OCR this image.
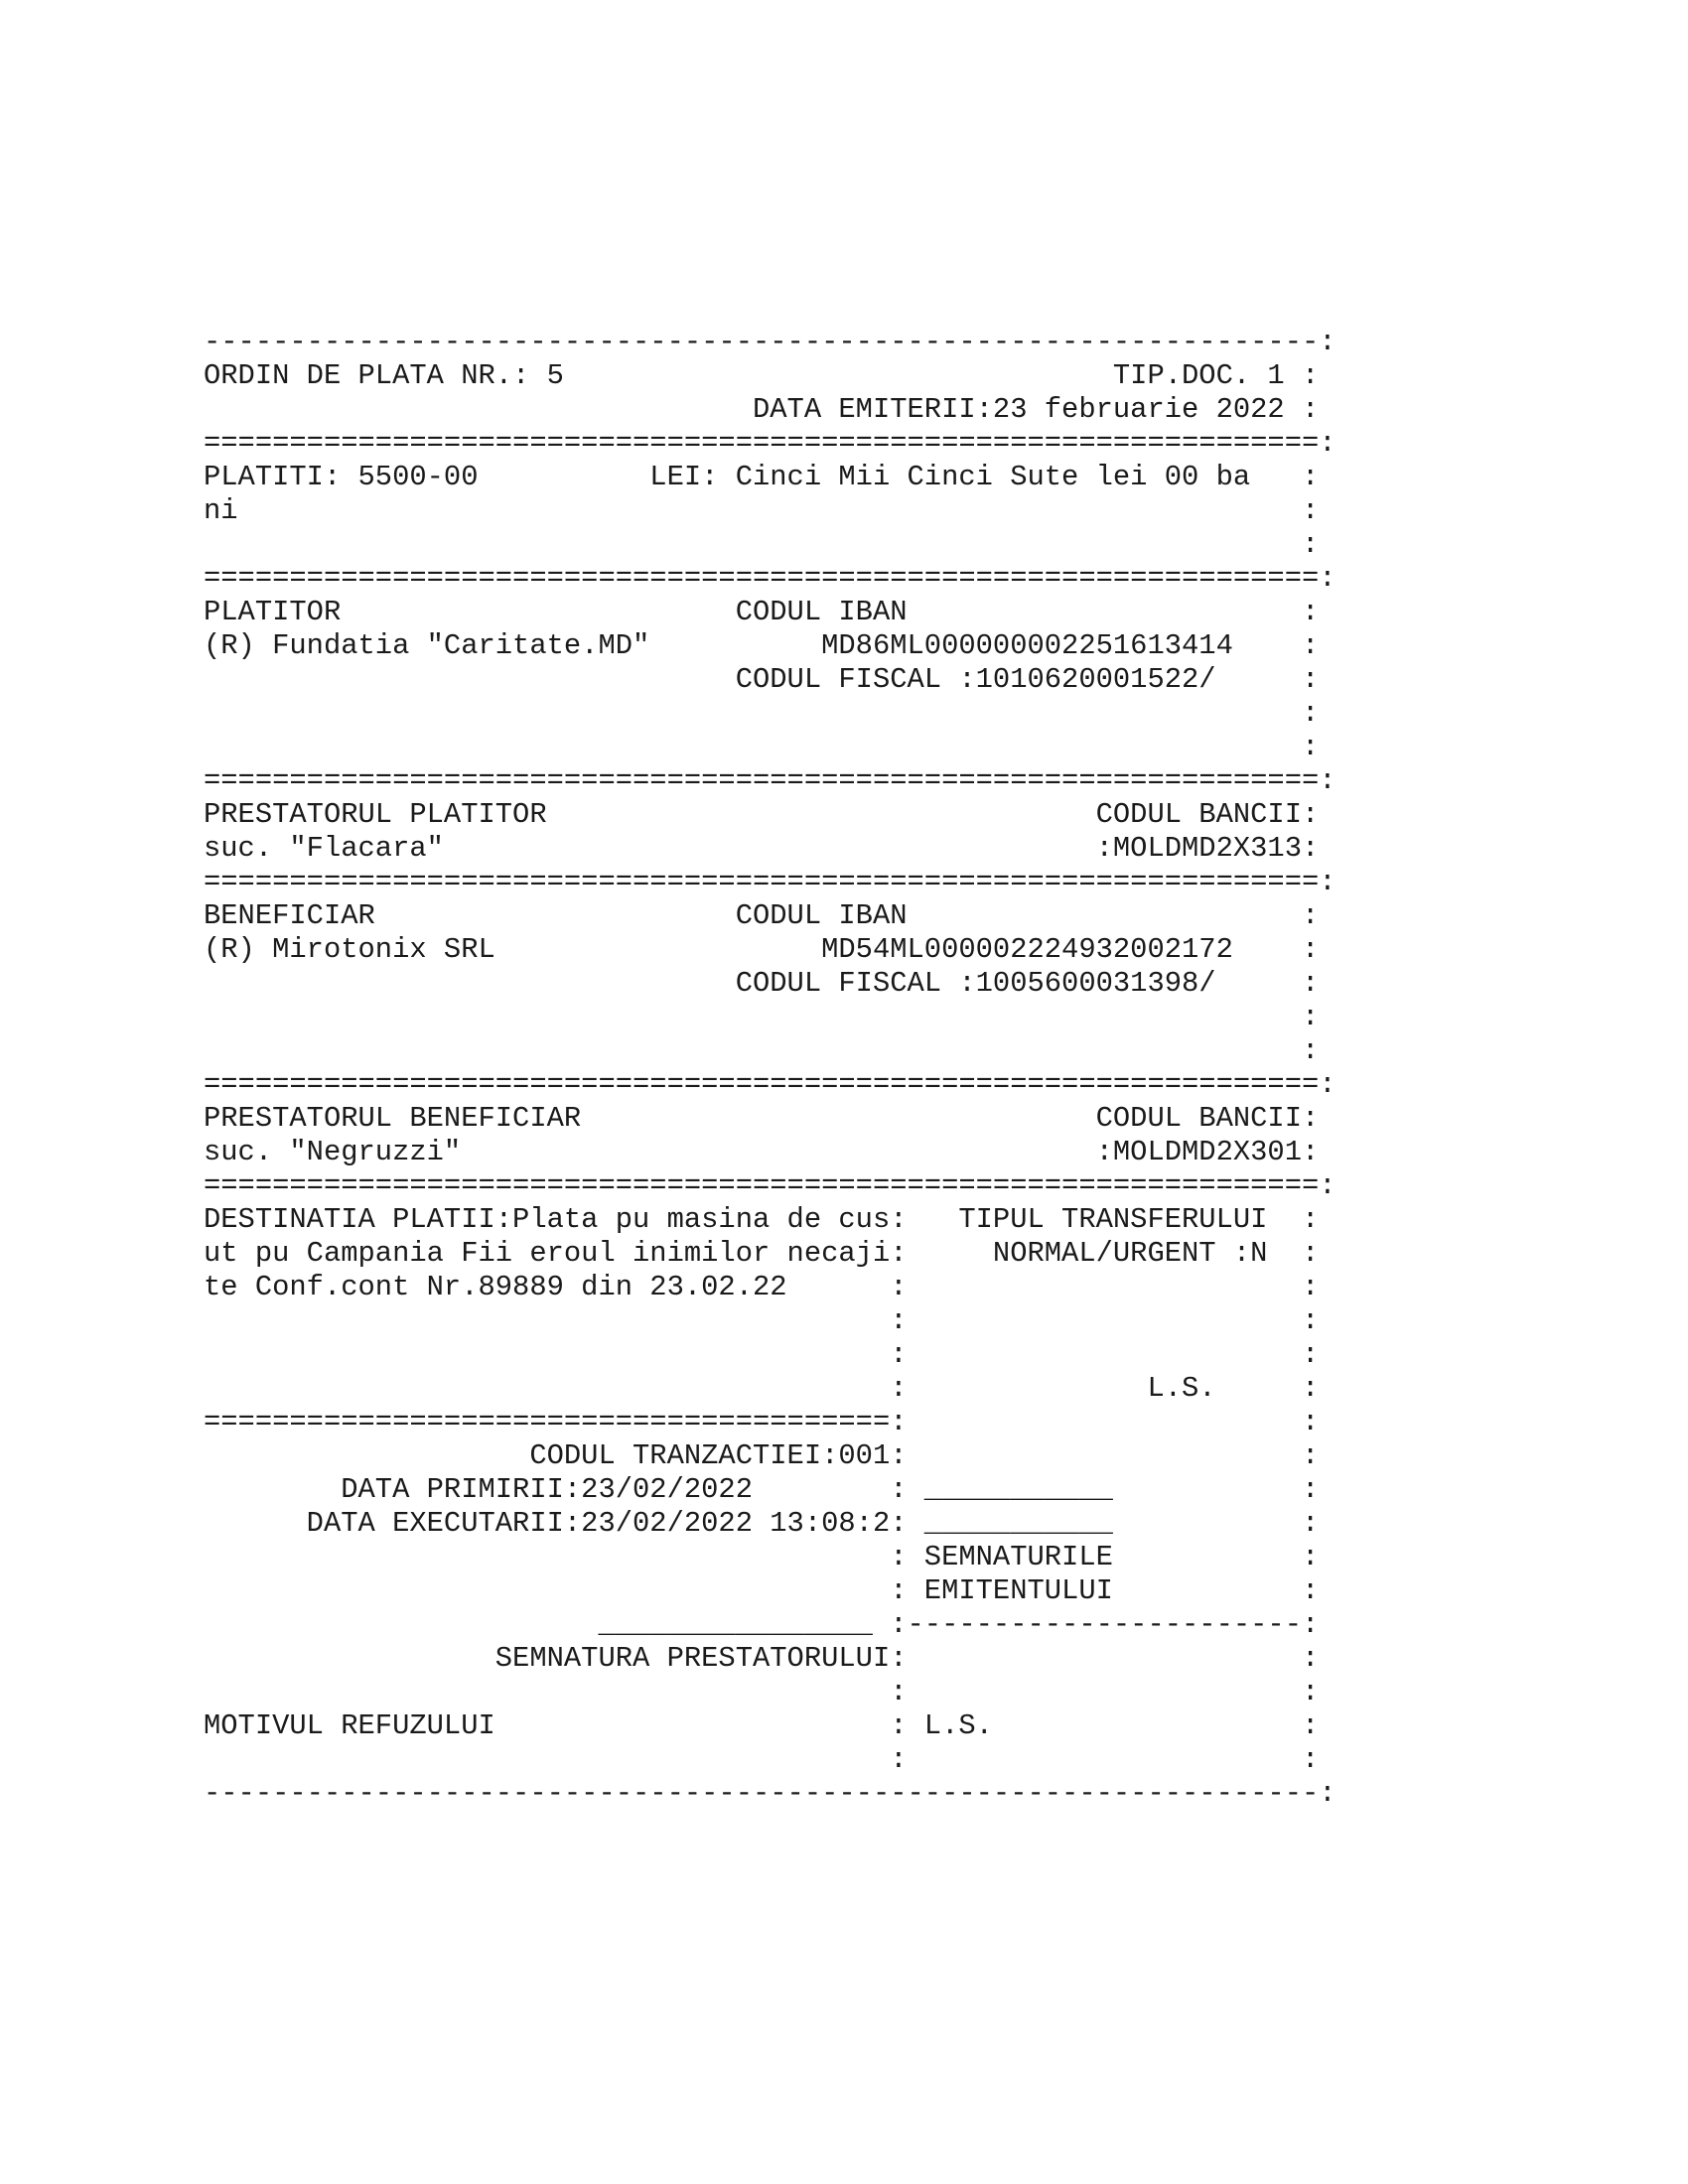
-----------------------------------------------------------------:
ORDIN DE PLATA NR.: 5                                TIP.DOC. 1 :
DATA EMITERII:23 februarie 2022 :
=================================================================:
PLATITI: 5500-00          LEI: Cinci Mii Cinci Sute lei 00 ba   :
ni                                                              :
:
=================================================================:
PLATITOR                       CODUL IBAN                       :
(R) Fundatia "Caritate.MD"          MD86ML000000002251613414    :
CODUL FISCAL :1010620001522/     :
:
:
=================================================================:
PRESTATORUL PLATITOR                                CODUL BANCII:
suc. "Flacara"                                      :MOLDMD2X313:
=================================================================:
BENEFICIAR                     CODUL IBAN                       :
(R) Mirotonix SRL                   MD54ML000002224932002172    :
CODUL FISCAL :1005600031398/     :
:
:
=================================================================:
PRESTATORUL BENEFICIAR                              CODUL BANCII:
suc. "Negruzzi"                                     :MOLDMD2X301:
=================================================================:
DESTINATIA PLATII:Plata pu masina de cus:   TIPUL TRANSFERULUI  :
ut pu Campania Fii eroul inimilor necaji:     NORMAL/URGENT :N  :
te Conf.cont Nr.89889 din 23.02.22      :                       :
:                       :
:                       :
:              L.S.     :
========================================:                       :
CODUL TRANZACTIEI:001:                       :
DATA PRIMIRII:23/02/2022        : ___________           :
DATA EXECUTARII:23/02/2022 13:08:2: ___________           :
: SEMNATURILE           :
: EMITENTULUI           :
________________ :-----------------------:
SEMNATURA PRESTATORULUI:                       :
:                       :
MOTIVUL REFUZULUI                       : L.S.                  :
:                       :
-----------------------------------------------------------------:
